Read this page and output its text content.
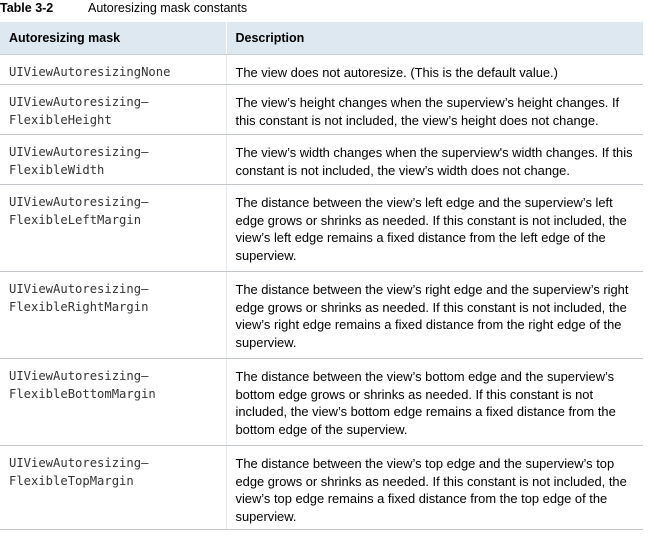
Table 3-2	Autoresizing mask constants
Autoresizing mask	Description
UIViewAutoresizingNone	The view does not autoresize. (This is the default value.)
UIViewAutoresizing–
FlexibleHeight	The view’s height changes when the superview’s height changes. If this constant is not included, the view’s height does not change.
UIViewAutoresizing–
FlexibleWidth	The view’s width changes when the superview's width changes. If this constant is not included, the view’s width does not change.
UIViewAutoresizing–
FlexibleLeftMargin	The distance between the view’s left edge and the superview’s left edge grows or shrinks as needed. If this constant is not included, the view’s left edge remains a fixed distance from the left edge of the superview.
UIViewAutoresizing–
FlexibleRightMargin	The distance between the view’s right edge and the superview’s right edge grows or shrinks as needed. If this constant is not included, the view’s right edge remains a fixed distance from the right edge of the superview.
UIViewAutoresizing–
FlexibleBottomMargin	The distance between the view’s bottom edge and the superview’s bottom edge grows or shrinks as needed. If this constant is not included, the view’s bottom edge remains a fixed distance from the bottom edge of the superview.
UIViewAutoresizing–
FlexibleTopMargin	The distance between the view’s top edge and the superview’s top edge grows or shrinks as needed. If this constant is not included, the view’s top edge remains a fixed distance from the top edge of the superview.
